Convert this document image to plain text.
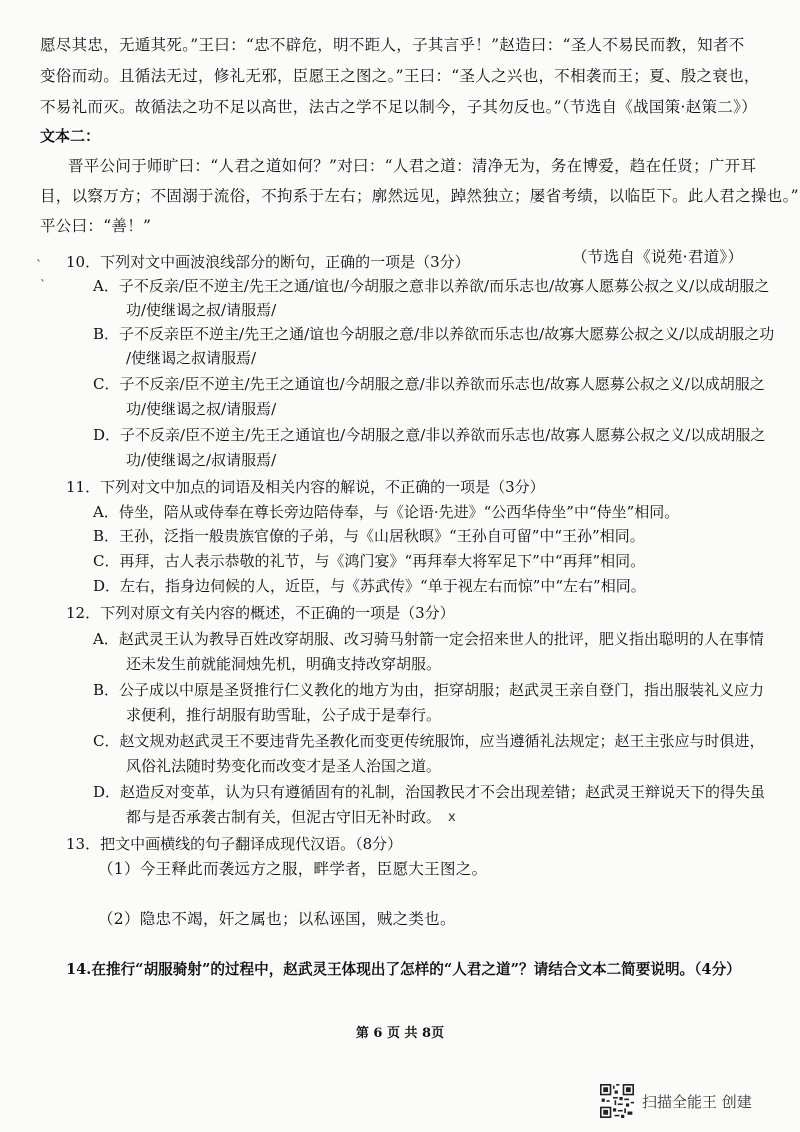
愿尽其忠，无遁其死。”王曰：“忠不辟危，明不距人，子其言乎！”赵造曰：“圣人不易民而教，知者不
变俗而动。且循法无过，修礼无邪，臣愿王之图之。”王曰：“圣人之兴也，不相袭而王；夏、殷之衰也，
不易礼而灭。故循法之功不足以高世，法古之学不足以制今，子其勿反也。”（节选自《战国策·赵策二》）
文本二：
晋平公问于师旷曰：“人君之道如何？”对曰：“人君之道：清净无为，务在博爱，趋在任贤；广开耳
目，以察万方；不固溺于流俗，不拘系于左右；廓然远见，踔然独立；屡省考绩，以临臣下。此人君之操也。”
平公曰：“善！”
（节选自《说苑·君道》）
`
`
10．下列对文中画波浪线部分的断句，正确的一项是（3分）
A．子不反亲/臣不逆主/先王之通/谊也/今胡服之意非以养欲/而乐志也/故寡人愿募公叔之义/以成胡服之
功/使继谒之叔/请服焉/
B．子不反亲臣不逆主/先王之通/谊也今胡服之意/非以养欲而乐志也/故寡大愿募公叔之义/以成胡服之功
/使继谒之叔请服焉/
C．子不反亲/臣不逆主/先王之通谊也/今胡服之意/非以养欲而乐志也/故寡人愿募公叔之义/以成胡服之
功/使继谒之叔/请服焉/
D．子不反亲/臣不逆主/先王之通谊也/今胡服之意/非以养欲而乐志也/故寡人愿募公叔之义/以成胡服之
功/使继谒之/叔请服焉/
11．下列对文中加点的词语及相关内容的解说，不正确的一项是（3分）
A．侍坐，陪从或侍奉在尊长旁边陪侍奉，与《论语·先进》“公西华侍坐”中“侍坐”相同。
B．王孙，泛指一般贵族官僚的子弟，与《山居秋暝》“王孙自可留”中“王孙”相同。
C．再拜，古人表示恭敬的礼节，与《鸿门宴》“再拜奉大将军足下”中“再拜”相同。
D．左右，指身边伺候的人，近臣，与《苏武传》“单于视左右而惊”中“左右”相同。
12．下列对原文有关内容的概述，不正确的一项是（3分）
A．赵武灵王认为教导百姓改穿胡服、改习骑马射箭一定会招来世人的批评，肥义指出聪明的人在事情
还未发生前就能洞烛先机，明确支持改穿胡服。
B．公子成以中原是圣贤推行仁义教化的地方为由，拒穿胡服；赵武灵王亲自登门，指出服装礼义应力
求便利，推行胡服有助雪耻，公子成于是奉行。
C．赵文规劝赵武灵王不要违背先圣教化而变更传统服饰，应当遵循礼法规定；赵王主张应与时俱进，
风俗礼法随时势变化而改变才是圣人治国之道。
D．赵造反对变革，认为只有遵循固有的礼制，治国教民才不会出现差错；赵武灵王辩说天下的得失虽
都与是否承袭古制有关，但泥古守旧无补时政。 x
13．把文中画横线的句子翻译成现代汉语。（8分）
（1）今王释此而袭远方之服，畔学者，臣愿大王图之。
（2）隐忠不竭，奸之属也；以私诬国，贼之类也。
14.在推行“胡服骑射”的过程中，赵武灵王体现出了怎样的“人君之道”？请结合文本二简要说明。（4分）
第 6 页 共 8页
扫描全能王 创建
